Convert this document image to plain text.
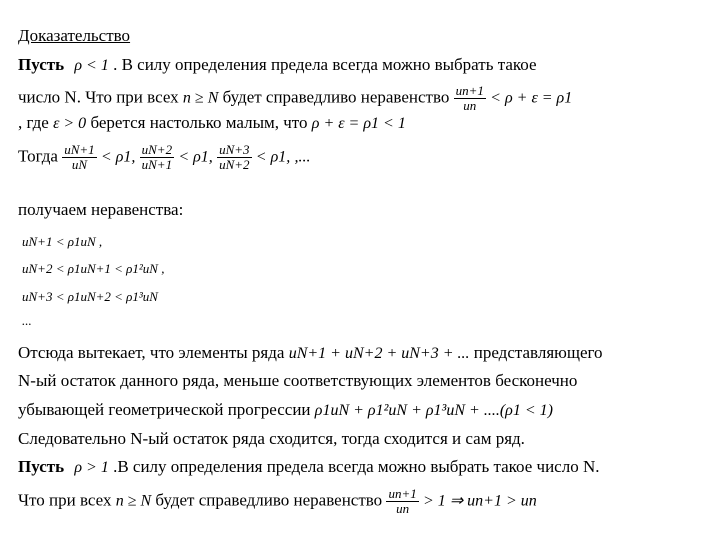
Доказательство
Пусть ρ < 1 . В силу определения предела всегда можно выбрать такое
число N. Что при всех n ≥ N будет справедливо неравенство $\frac{un+1}{un} < \rho + \varepsilon = \rho 1$
, где ε > 0 берется настолько малым, что ρ + ε = ρ1 < 1
Тогда $\frac{uN+1}{uN} < \rho 1$, $\frac{uN+2}{uN+1} < \rho 1$, $\frac{uN+3}{uN+2} < \rho 1$, ,...
получаем неравенства:
uN+1 < ρ1uN ,
uN+2 < ρ1uN+1 < ρ1²uN ,
uN+3 < ρ1uN+2 < ρ1³uN
...
Отсюда вытекает, что элементы ряда uN+1 + uN+2 + uN+3 + ... представляющего
N-ый остаток данного ряда, меньше соответствующих элементов бесконечно
убывающей геометрической прогрессии ρ1uN + ρ1²uN + ρ1³uN + ....(ρ1 < 1)
Следовательно N-ый остаток ряда сходится, тогда сходится и сам ряд.
Пусть ρ > 1 .В силу определения предела всегда можно выбрать такое число N.
Что при всех n ≥ N будет справедливо неравенство $\frac{un+1}{un} > 1$ ⇒ un+1 > un
